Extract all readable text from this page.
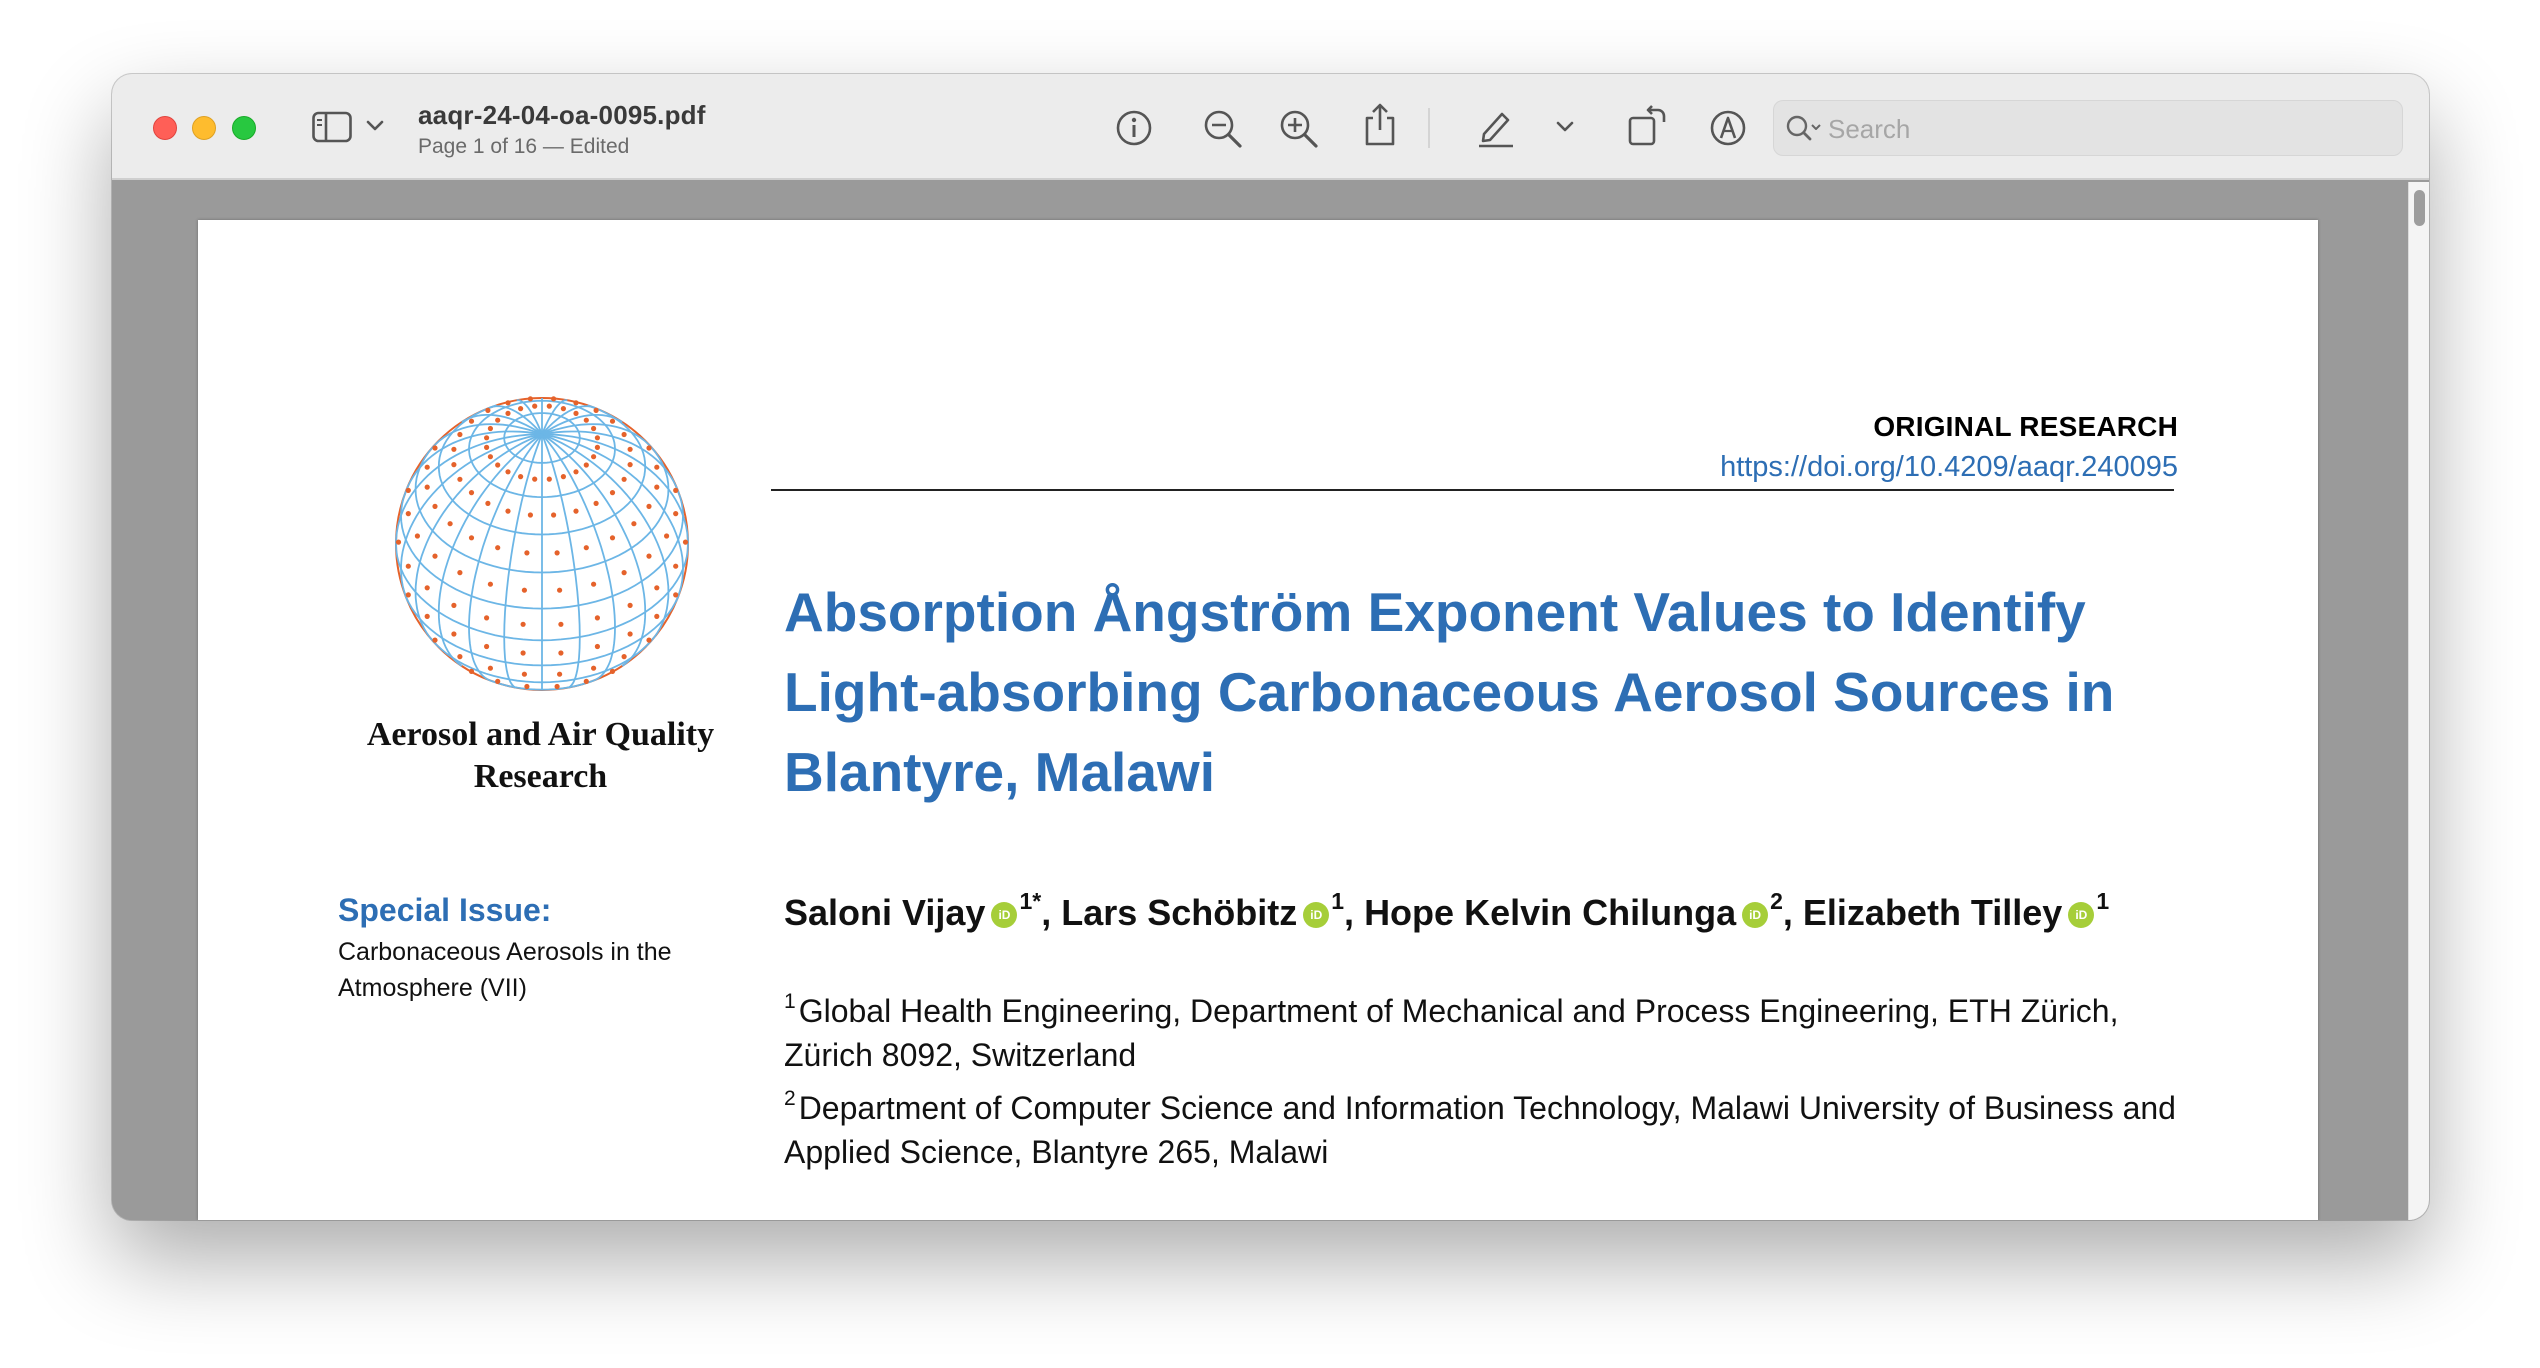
aaqr-24-04-oa-0095.pdf
Page 1 of 16 — Edited
Search
Aerosol and Air Quality
Research
Special Issue:
Carbonaceous Aerosols in the Atmosphere (VII)
ORIGINAL RESEARCH
https://doi.org/10.4209/aaqr.240095
Absorption Ångström Exponent Values to Identify
Light-absorbing Carbonaceous Aerosol Sources in
Blantyre, Malawi
Saloni Vijay iD$^{1*}$, Lars Schöbitz iD$^1$, Hope Kelvin Chilunga iD$^2$, Elizabeth Tilley iD$^1$
$^1$Global Health Engineering, Department of Mechanical and Process Engineering, ETH Zürich, Zürich 8092, Switzerland
$^2$Department of Computer Science and Information Technology, Malawi University of Business and Applied Science, Blantyre 265, Malawi
